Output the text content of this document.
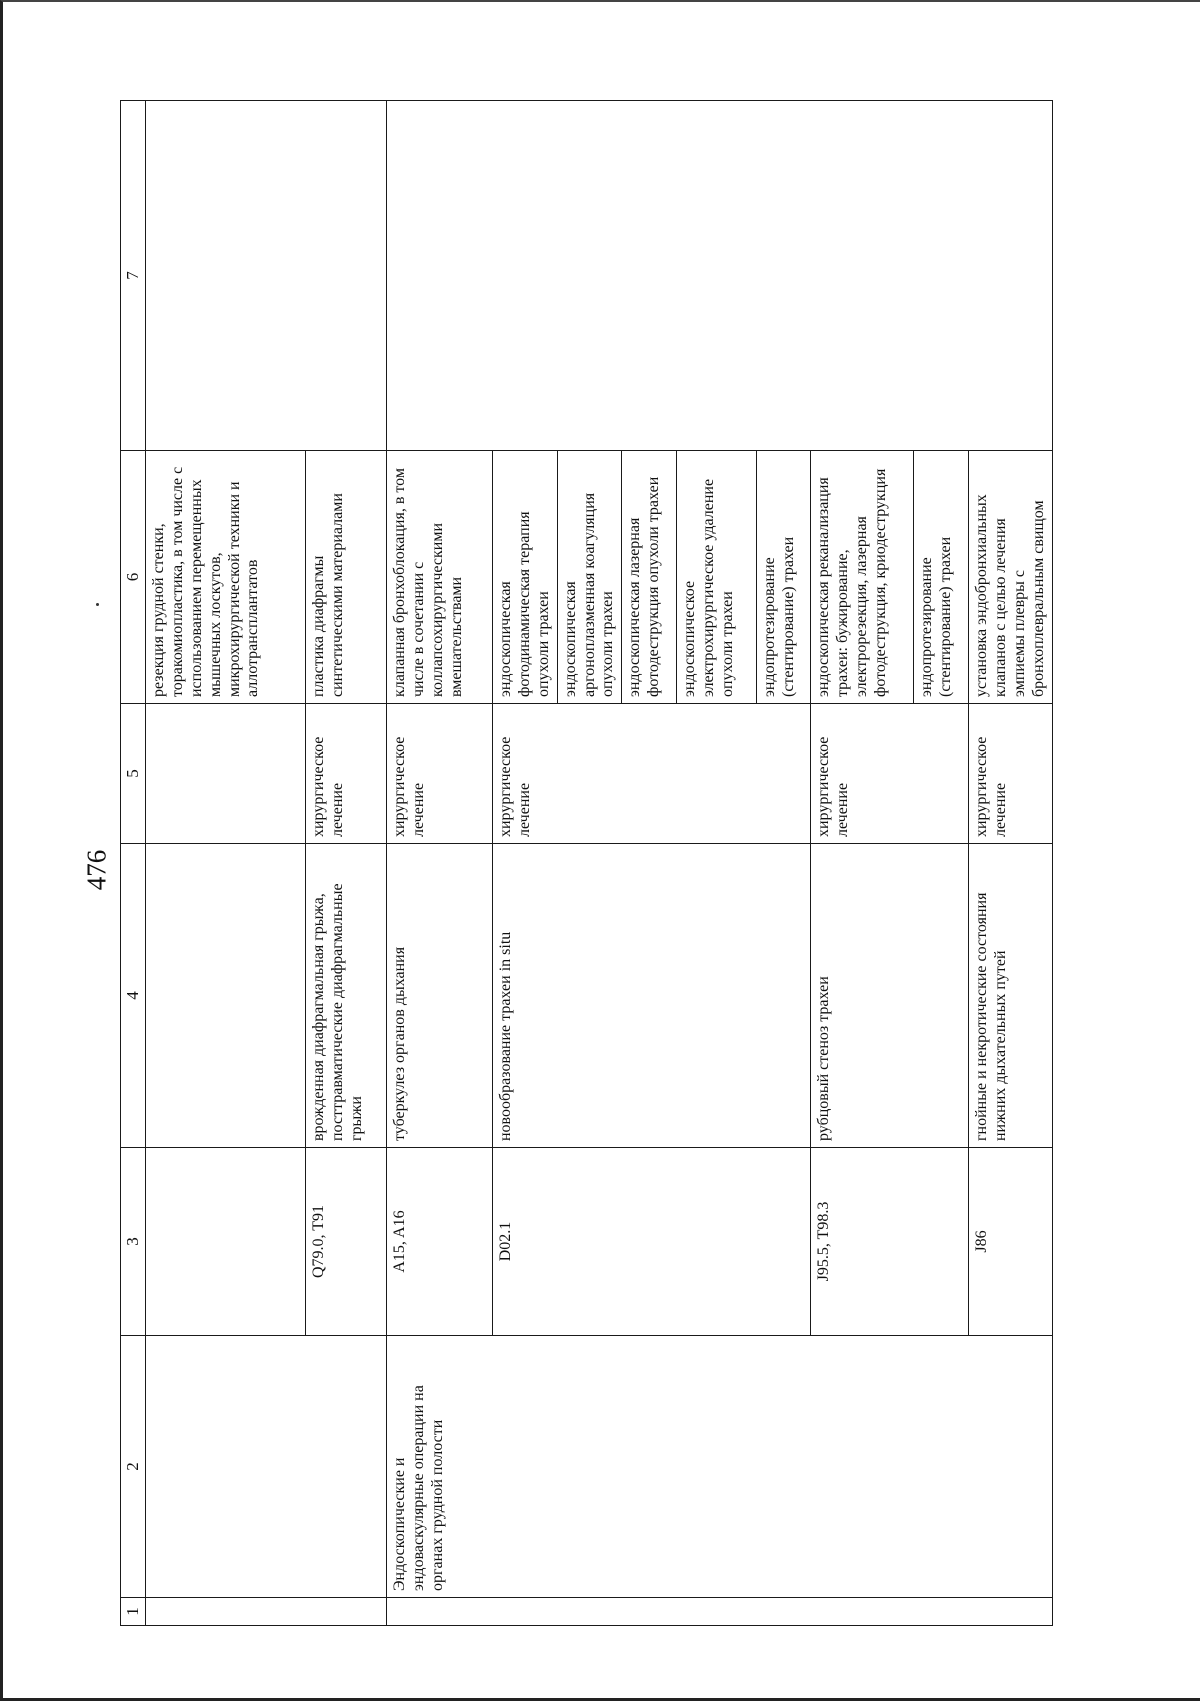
476
1	2	3	4	5	6	7
					резекция грудной стенки, торакомиопластика, в том числе с использованием перемещенных мышечных лоскутов, микрохирургической техники и аллотрансплантатов	
		Q79.0, T91	врожденная диафрагмальная грыжа, посттравматические диафрагмальные грыжи	хирургическое лечение	пластика диафрагмы синтетическими материалами	
	Эндоскопические и эндоваскулярные операции на органах грудной полости	A15, A16	туберкулез органов дыхания	хирургическое лечение	клапанная бронхоблокация, в том числе в сочетании с коллапсохирургическими вмешательствами	
		D02.1	новообразование трахеи in situ	хирургическое лечение	эндоскопическая фотодинамическая терапия опухоли трахеи	
					эндоскопическая аргоноплазменная коагуляция опухоли трахеи	
					эндоскопическая лазерная фотодеструкция опухоли трахеи	
					эндоскопическое электрохирургическое удаление опухоли трахеи	
					эндопротезирование (стентирование) трахеи	
		J95.5, T98.3	рубцовый стеноз трахеи	хирургическое лечение	эндоскопическая реканализация трахеи: бужирование, электрорезекция, лазерная фотодеструкция, криодеструкция	
					эндопротезирование (стентирование) трахеи	
		J86	гнойные и некротические состояния нижних дыхательных путей	хирургическое лечение	установка эндобронхиальных клапанов с целью лечения эмпиемы плевры с бронхоплевральным свищом	
